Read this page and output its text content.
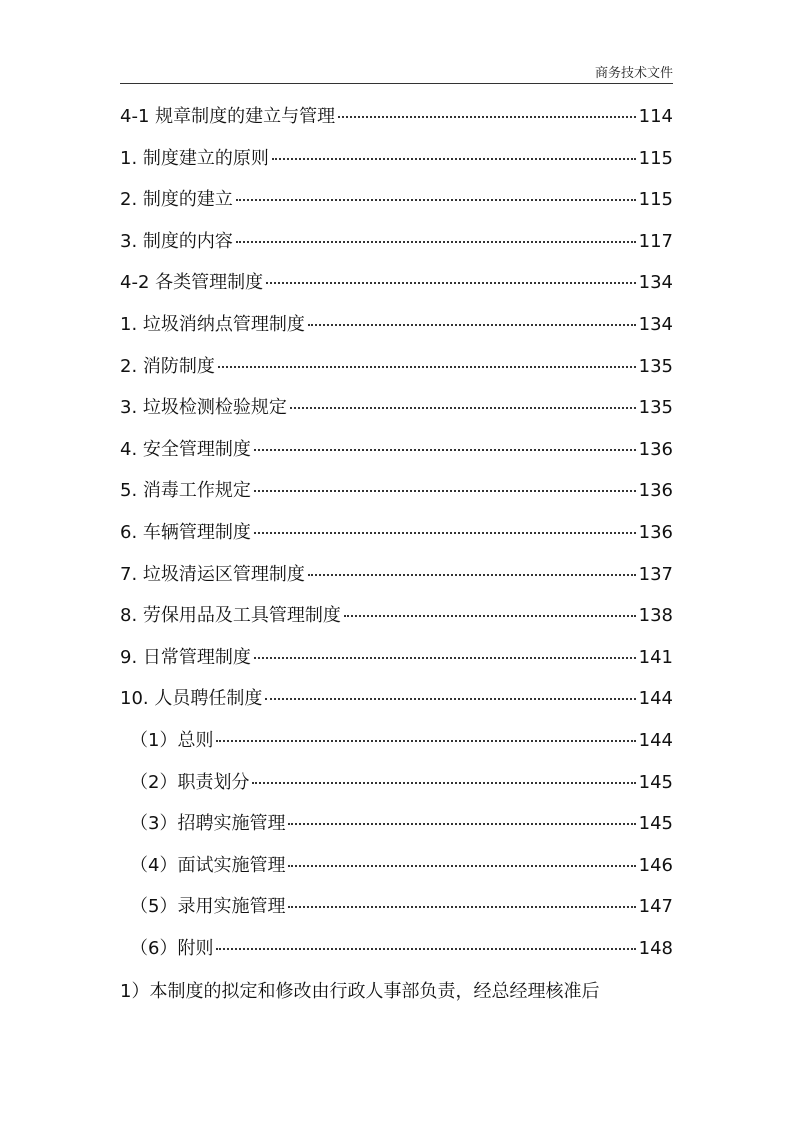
商务技术文件
4-1 规章制度的建立与管理	114
1. 制度建立的原则	115
2. 制度的建立	115
3. 制度的内容	117
4-2 各类管理制度	134
1. 垃圾消纳点管理制度	134
2. 消防制度	135
3. 垃圾检测检验规定	135
4. 安全管理制度	136
5. 消毒工作规定	136
6. 车辆管理制度	136
7. 垃圾清运区管理制度	137
8. 劳保用品及工具管理制度	138
9. 日常管理制度	141
10. 人员聘任制度	144
（1）总则	144
（2）职责划分	145
（3）招聘实施管理	145
（4）面试实施管理	146
（5）录用实施管理	147
（6）附则	148
1）本制度的拟定和修改由行政人事部负责，经总经理核准后
